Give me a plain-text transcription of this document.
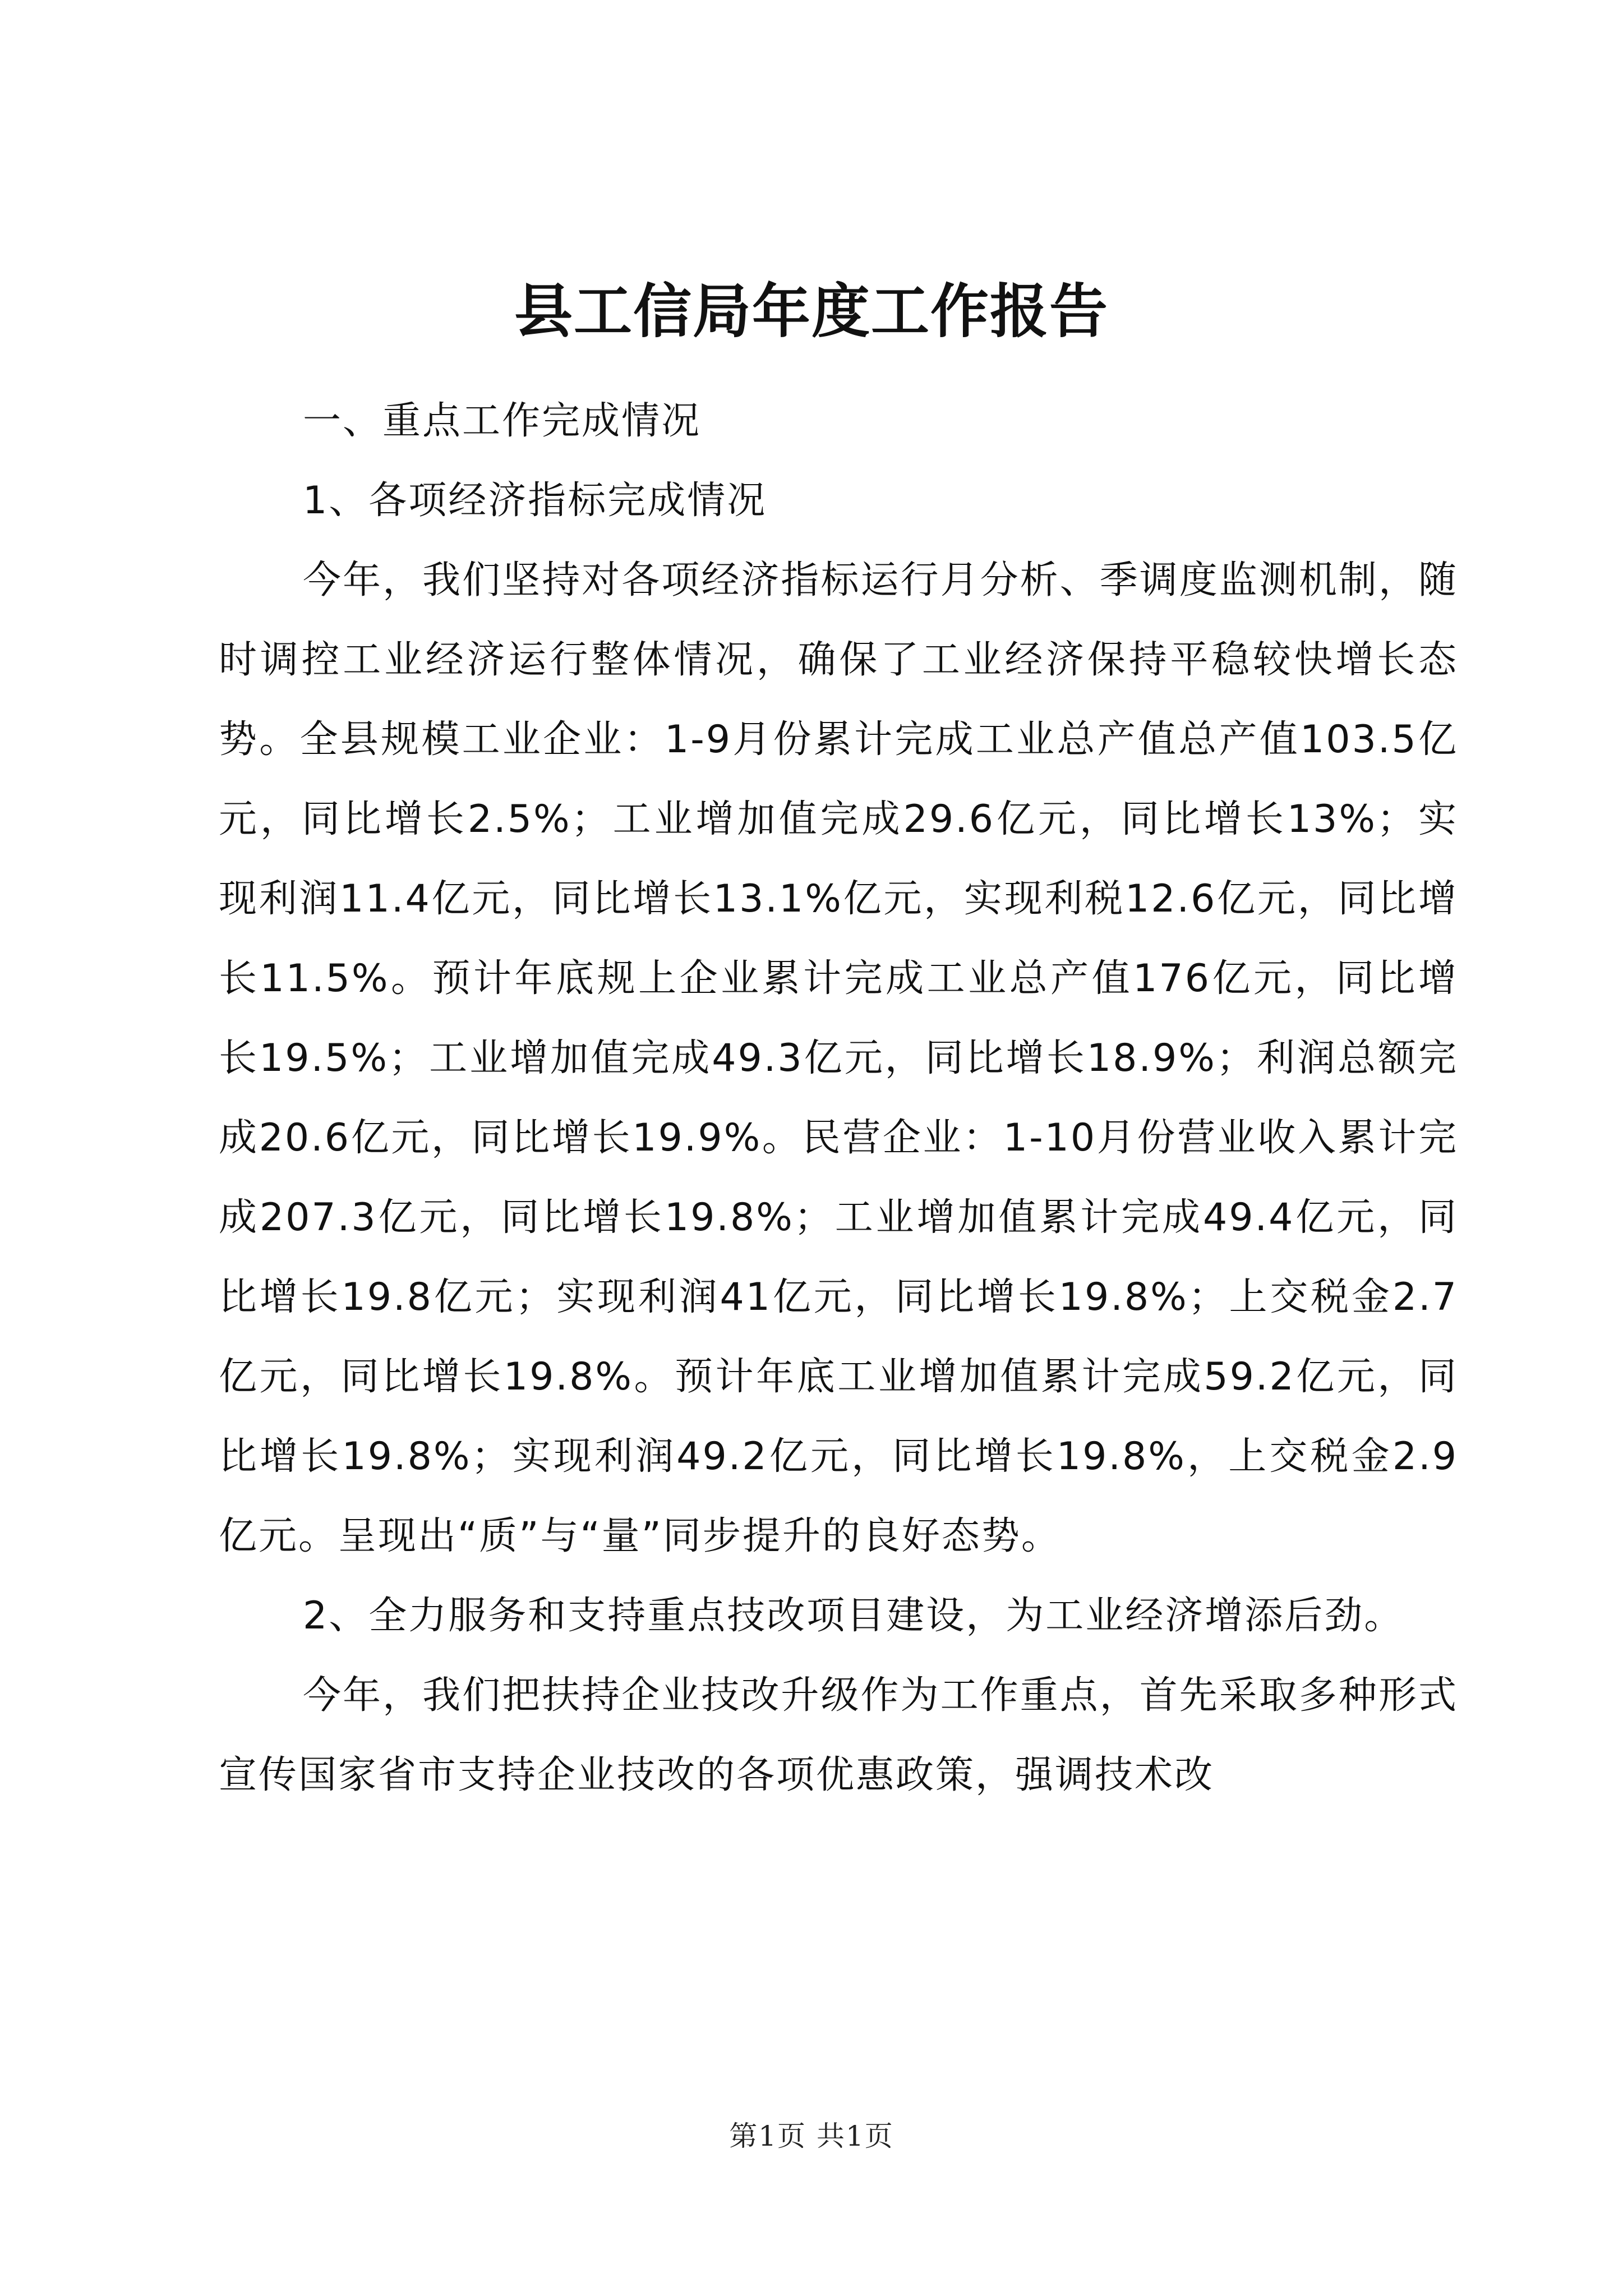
县工信局年度工作报告

一、重点工作完成情况

1、各项经济指标完成情况

今年，我们坚持对各项经济指标运行月分析、季调度监测机制，随时调控工业经济运行整体情况，确保了工业经济保持平稳较快增长态势。全县规模工业企业：1-9月份累计完成工业总产值总产值103.5亿元，同比增长2.5%；工业增加值完成29.6亿元，同比增长13%；实现利润11.4亿元，同比增长13.1%亿元，实现利税12.6亿元，同比增长11.5%。预计年底规上企业累计完成工业总产值176亿元，同比增长19.5%；工业增加值完成49.3亿元，同比增长18.9%；利润总额完成20.6亿元，同比增长19.9%。民营企业：1-10月份营业收入累计完成207.3亿元，同比增长19.8%；工业增加值累计完成49.4亿元，同比增长19.8亿元；实现利润41亿元，同比增长19.8%；上交税金2.7亿元，同比增长19.8%。预计年底工业增加值累计完成59.2亿元，同比增长19.8%；实现利润49.2亿元，同比增长19.8%，上交税金2.9亿元。呈现出“质”与“量”同步提升的良好态势。

2、全力服务和支持重点技改项目建设，为工业经济增添后劲。

今年，我们把扶持企业技改升级作为工作重点，首先采取多种形式宣传国家省市支持企业技改的各项优惠政策，强调技术改

第1页 共1页
